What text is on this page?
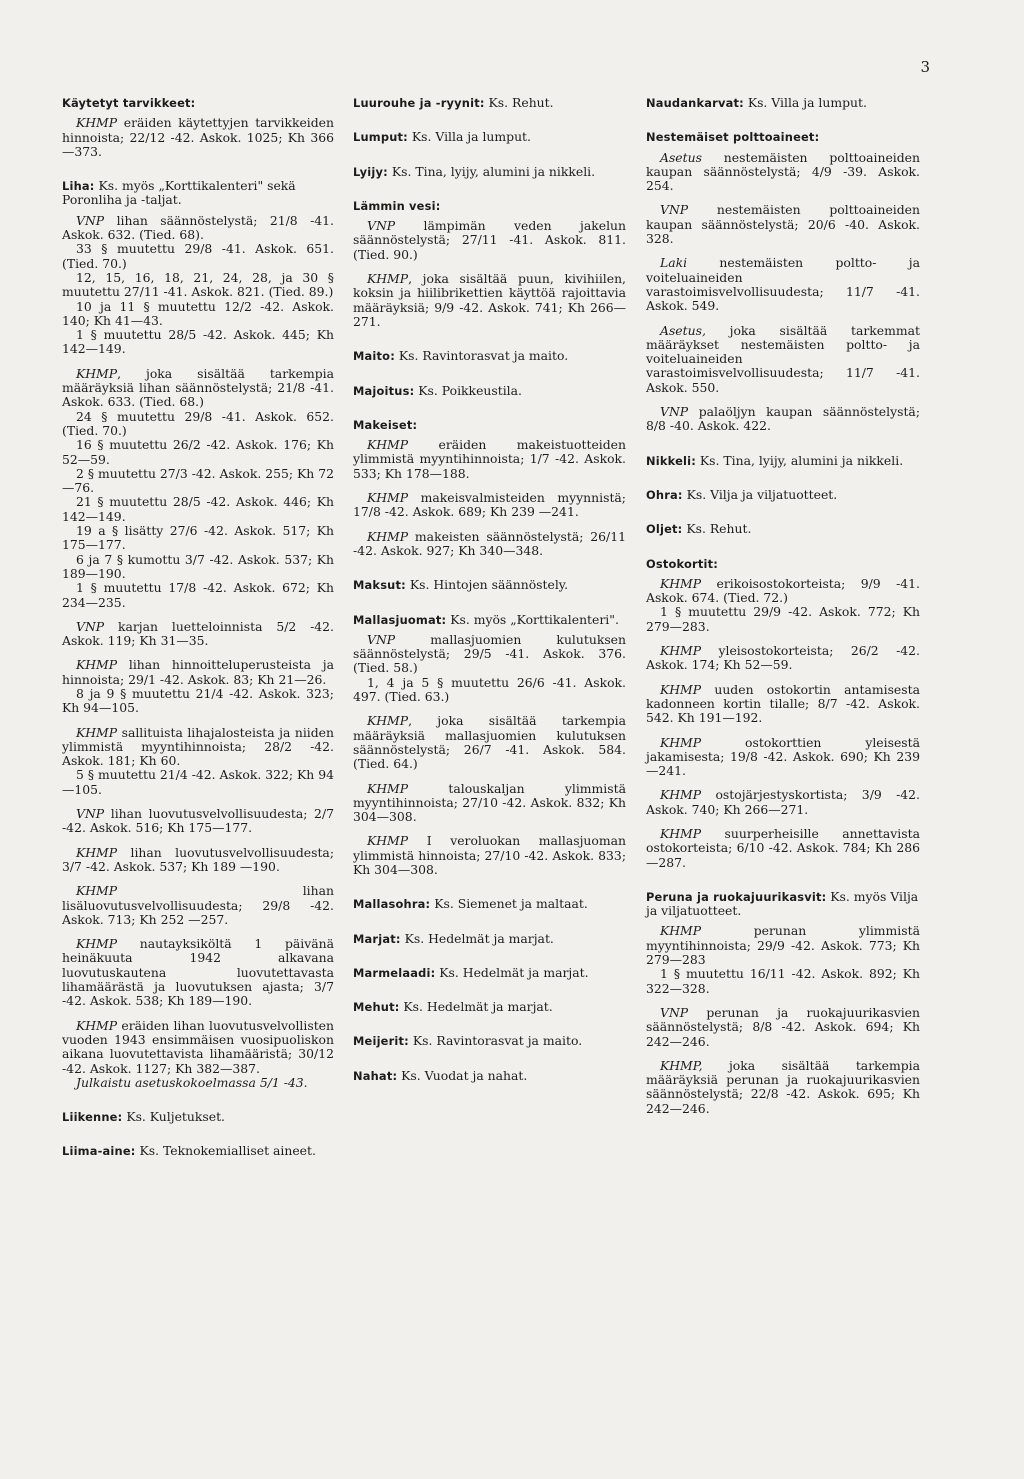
3
Käytetyt tarvikkeet:

KHMP eräiden käytettyjen tarvikkeiden hinnoista; 22/12 -42. Askok. 1025; Kh 366—373.

Liha: Ks. myös „Korttikalenteri" sekä Poronliha ja -taljat.

VNP lihan säännöstelystä; 21/8 -41. Askok. 632. (Tied. 68).

33 § muutettu 29/8 -41. Askok. 651. (Tied. 70.)

12, 15, 16, 18, 21, 24, 28, ja 30 § muutettu 27/11 -41. Askok. 821. (Tied. 89.)

10 ja 11 § muutettu 12/2 -42. Askok. 140; Kh 41—43.

1 § muutettu 28/5 -42. Askok. 445; Kh 142—149.

KHMP, joka sisältää tarkempia määräyksiä lihan säännöstelystä; 21/8 -41. Askok. 633. (Tied. 68.)

24 § muutettu 29/8 -41. Askok. 652. (Tied. 70.)

16 § muutettu 26/2 -42. Askok. 176; Kh 52—59.

2 § muutettu 27/3 -42. Askok. 255; Kh 72—76.

21 § muutettu 28/5 -42. Askok. 446; Kh 142—149.

19 a § lisätty 27/6 -42. Askok. 517; Kh 175—177.

6 ja 7 § kumottu 3/7 -42. Askok. 537; Kh 189—190.

1 § muutettu 17/8 -42. Askok. 672; Kh 234—235.

VNP karjan luetteloinnista 5/2 -42. Askok. 119; Kh 31—35.

KHMP lihan hinnoitteluperusteista ja hinnoista; 29/1 -42. Askok. 83; Kh 21—26.

8 ja 9 § muutettu 21/4 -42. Askok. 323; Kh 94—105.

KHMP sallituista lihajalosteista ja niiden ylimmistä myyntihinnoista; 28/2 -42. Askok. 181; Kh 60.

5 § muutettu 21/4 -42. Askok. 322; Kh 94—105.

VNP lihan luovutusvelvollisuudesta; 2/7 -42. Askok. 516; Kh 175—177.

KHMP lihan luovutusvelvollisuudesta; 3/7 -42. Askok. 537; Kh 189 —190.

KHMP lihan lisäluovutusvelvollisuudesta; 29/8 -42. Askok. 713; Kh 252 —257.

KHMP nautayksiköltä 1 päivänä heinäkuuta 1942 alkavana luovutuskautena luovutettavasta lihamäärästä ja luovutuksen ajasta; 3/7 -42. Askok. 538; Kh 189—190.

KHMP eräiden lihan luovutusvelvollisten vuoden 1943 ensimmäisen vuosipuoliskon aikana luovutettavista lihamääristä; 30/12 -42. Askok. 1127; Kh 382—387.

Julkaistu asetuskokoelmassa 5/1 -43.

Liikenne: Ks. Kuljetukset.
Liima-aine: Ks. Teknokemialliset aineet.
Luurouhe ja -ryynit: Ks. Rehut.
Lumput: Ks. Villa ja lumput.
Lyijy: Ks. Tina, lyijy, alumini ja nikkeli.
Lämmin vesi:

VNP lämpimän veden jakelun säännöstelystä; 27/11 -41. Askok. 811. (Tied. 90.)

KHMP, joka sisältää puun, kivihiilen, koksin ja hiilibrikettien käyttöä rajoittavia määräyksiä; 9/9 -42. Askok. 741; Kh 266—271.

Maito: Ks. Ravintorasvat ja maito.
Majoitus: Ks. Poikkeustila.
Makeiset:

KHMP eräiden makeistuotteiden ylimmistä myyntihinnoista; 1/7 -42. Askok. 533; Kh 178—188.

KHMP makeisvalmisteiden myynnistä; 17/8 -42. Askok. 689; Kh 239 —241.

KHMP makeisten säännöstelystä; 26/11 -42. Askok. 927; Kh 340—348.

Maksut: Ks. Hintojen säännöstely.
Mallasjuomat: Ks. myös „Korttikalenteri".

VNP mallasjuomien kulutuksen säännöstelystä; 29/5 -41. Askok. 376. (Tied. 58.)

1, 4 ja 5 § muutettu 26/6 -41. Askok. 497. (Tied. 63.)

KHMP, joka sisältää tarkempia määräyksiä mallasjuomien kulutuksen säännöstelystä; 26/7 -41. Askok. 584. (Tied. 64.)

KHMP talouskaljan ylimmistä myyntihinnoista; 27/10 -42. Askok. 832; Kh 304—308.

KHMP I veroluokan mallasjuoman ylimmistä hinnoista; 27/10 -42. Askok. 833; Kh 304—308.

Mallasohra: Ks. Siemenet ja maltaat.
Marjat: Ks. Hedelmät ja marjat.
Marmelaadi: Ks. Hedelmät ja marjat.
Mehut: Ks. Hedelmät ja marjat.
Meijerit: Ks. Ravintorasvat ja maito.
Nahat: Ks. Vuodat ja nahat.
Naudankarvat: Ks. Villa ja lumput.
Nestemäiset polttoaineet:

Asetus nestemäisten polttoaineiden kaupan säännöstelystä; 4/9 -39. Askok. 254.

VNP nestemäisten polttoaineiden kaupan säännöstelystä; 20/6 -40. Askok. 328.

Laki nestemäisten poltto- ja voiteluaineiden varastoimisvelvollisuudesta; 11/7 -41. Askok. 549.

Asetus, joka sisältää tarkemmat määräykset nestemäisten poltto- ja voiteluaineiden varastoimisvelvollisuudesta; 11/7 -41. Askok. 550.

VNP palaöljyn kaupan säännöstelystä; 8/8 -40. Askok. 422.

Nikkeli: Ks. Tina, lyijy, alumini ja nikkeli.
Ohra: Ks. Vilja ja viljatuotteet.
Oljet: Ks. Rehut.
Ostokortit:

KHMP erikoisostokorteista; 9/9 -41. Askok. 674. (Tied. 72.)

1 § muutettu 29/9 -42. Askok. 772; Kh 279—283.

KHMP yleisostokorteista; 26/2 -42. Askok. 174; Kh 52—59.

KHMP uuden ostokortin antamisesta kadonneen kortin tilalle; 8/7 -42. Askok. 542. Kh 191—192.

KHMP ostokorttien yleisestä jakamisesta; 19/8 -42. Askok. 690; Kh 239—241.

KHMP ostojärjestyskortista; 3/9 -42. Askok. 740; Kh 266—271.

KHMP suurperheisille annettavista ostokorteista; 6/10 -42. Askok. 784; Kh 286—287.

Peruna ja ruokajuurikasvit: Ks. myös Vilja ja viljatuotteet.

KHMP perunan ylimmistä myyntihinnoista; 29/9 -42. Askok. 773; Kh 279—283

1 § muutettu 16/11 -42. Askok. 892; Kh 322—328.

VNP perunan ja ruokajuurikasvien säännöstelystä; 8/8 -42. Askok. 694; Kh 242—246.

KHMP, joka sisältää tarkempia määräyksiä perunan ja ruokajuurikasvien säännöstelystä; 22/8 -42. Askok. 695; Kh 242—246.
